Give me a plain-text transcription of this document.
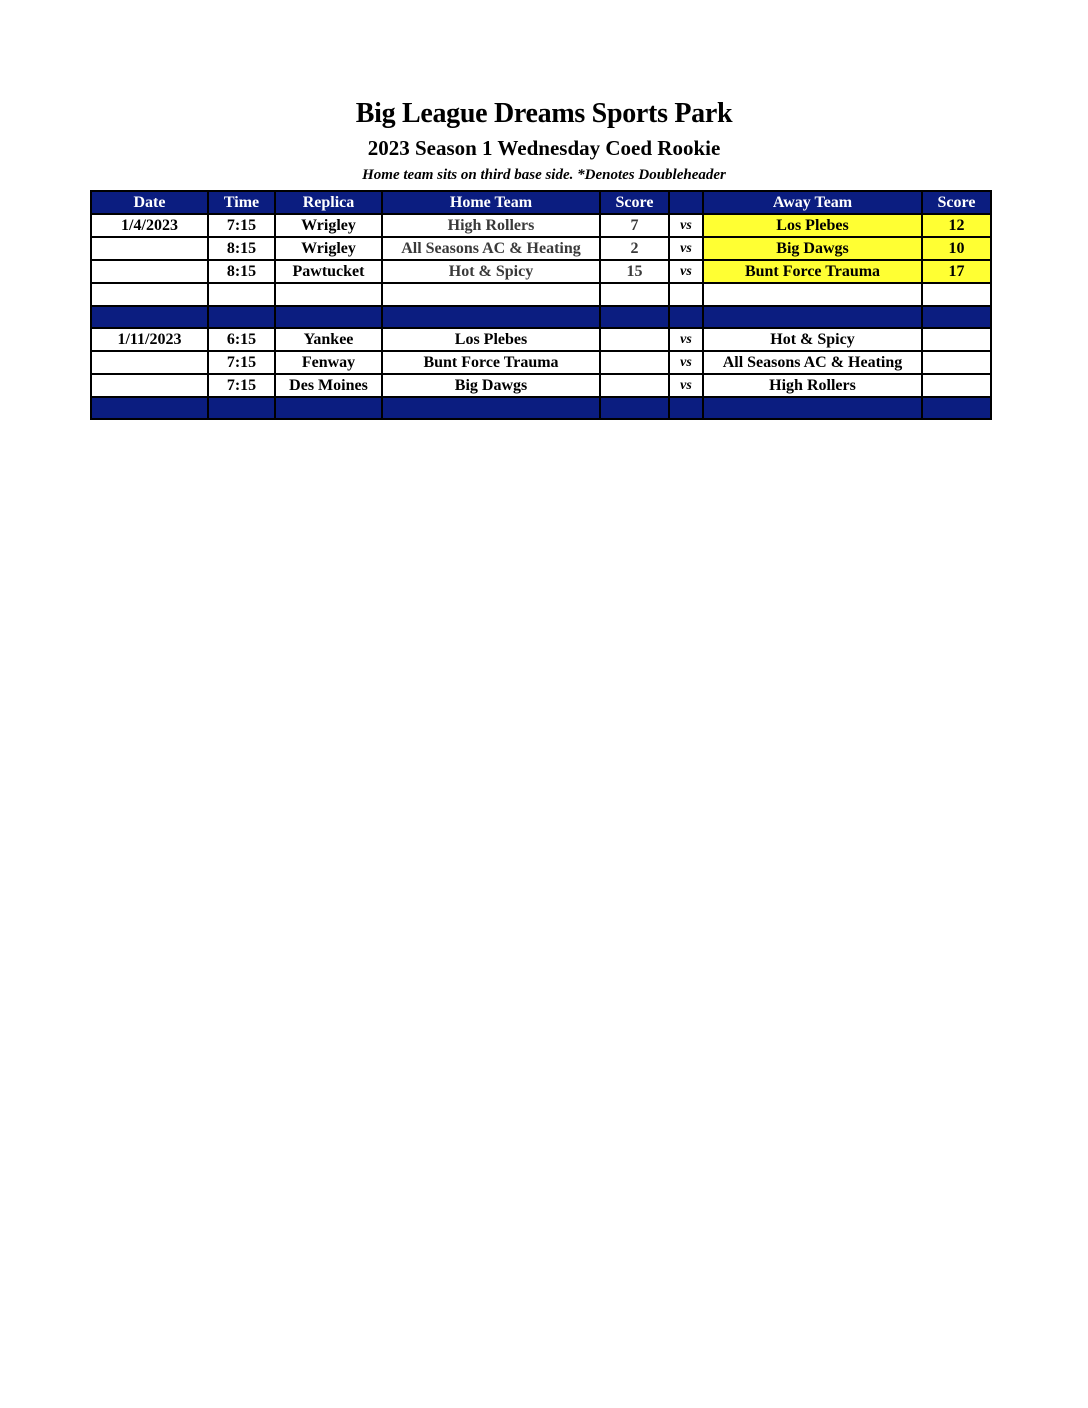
Big League Dreams Sports Park
2023 Season 1 Wednesday Coed Rookie
Home team sits on third base side. *Denotes Doubleheader
Date	Time	Replica	Home Team	Score		Away Team	Score
1/4/2023	7:15	Wrigley	High Rollers	7	vs	Los Plebes	12
	8:15	Wrigley	All Seasons AC & Heating	2	vs	Big Dawgs	10
	8:15	Pawtucket	Hot & Spicy	15	vs	Bunt Force Trauma	17

1/11/2023	6:15	Yankee	Los Plebes		vs	Hot & Spicy	
	7:15	Fenway	Bunt Force Trauma		vs	All Seasons AC & Heating	
	7:15	Des Moines	Big Dawgs		vs	High Rollers	
